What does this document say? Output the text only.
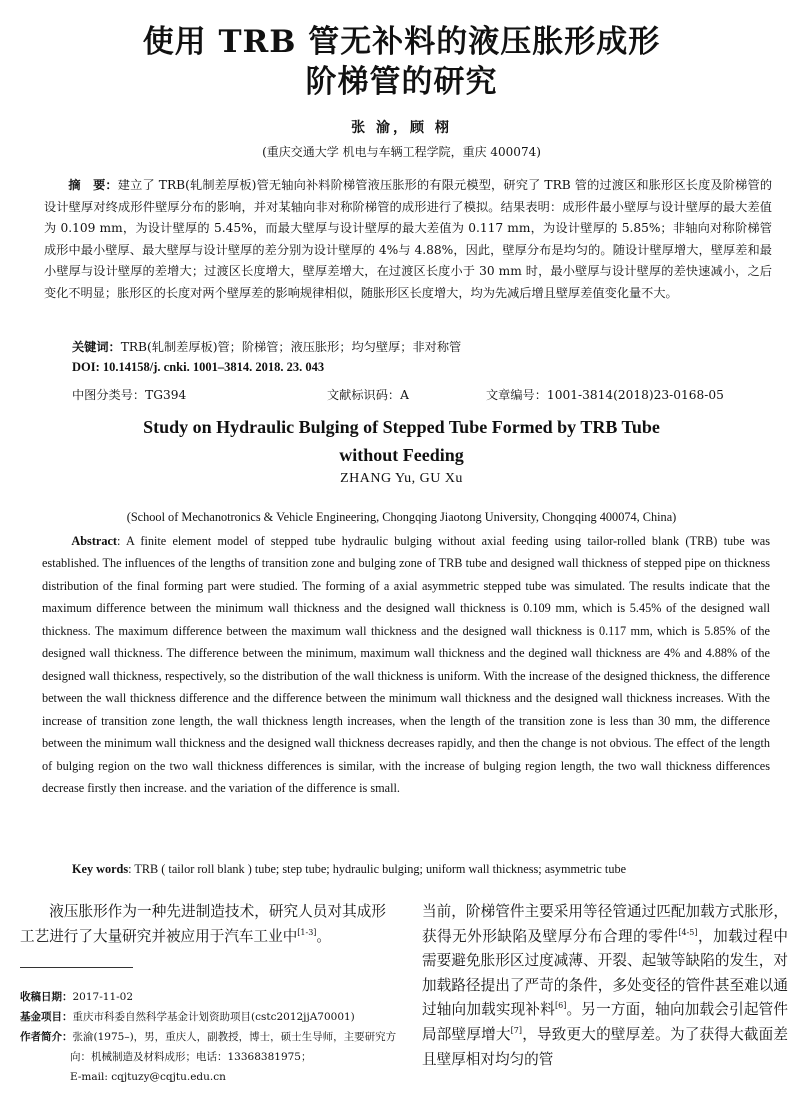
使用 TRB 管无补料的液压胀形成形
阶梯管的研究
张 渝，顾 栩
(重庆交通大学 机电与车辆工程学院，重庆 400074)
摘　要：建立了 TRB(轧制差厚板)管无轴向补料阶梯管液压胀形的有限元模型，研究了 TRB 管的过渡区和胀形区长度及阶梯管的设计壁厚对终成形件壁厚分布的影响，并对某轴向非对称阶梯管的成形进行了模拟。结果表明：成形件最小壁厚与设计壁厚的最大差值为 0.109 mm，为设计壁厚的 5.45%，而最大壁厚与设计壁厚的最大差值为 0.117 mm，为设计壁厚的 5.85%；非轴向对称阶梯管成形中最小壁厚、最大壁厚与设计壁厚的差分别为设计壁厚的 4%与 4.88%，因此，壁厚分布是均匀的。随设计壁厚增大，壁厚差和最小壁厚与设计壁厚的差增大；过渡区长度增大，壁厚差增大，在过渡区长度小于 30 mm 时，最小壁厚与设计壁厚的差快速减小，之后变化不明显；胀形区的长度对两个壁厚差的影响规律相似，随胀形区长度增大，均为先减后增且壁厚差值变化量不大。
关键词：TRB(轧制差厚板)管；阶梯管；液压胀形；均匀壁厚；非对称管
DOI: 10.14158/j. cnki. 1001–3814. 2018. 23. 043
中图分类号：TG394	文献标识码：A	文章编号：1001-3814(2018)23-0168-05
Study on Hydraulic Bulging of Stepped Tube Formed by TRB Tube
without Feeding
ZHANG Yu, GU Xu
(School of Mechanotronics & Vehicle Engineering, Chongqing Jiaotong University, Chongqing 400074, China)
Abstract: A finite element model of stepped tube hydraulic bulging without axial feeding using tailor-rolled blank (TRB) tube was established. The influences of the lengths of transition zone and bulging zone of TRB tube and designed wall thickness of stepped pipe on thickness distribution of the final forming part were studied. The forming of a axial asymmetric stepped tube was simulated. The results indicate that the maximum difference between the minimum wall thickness and the designed wall thickness is 0.109 mm, which is 5.45% of the designed wall thickness. The maximum difference between the maximum wall thickness and the designed wall thickness is 0.117 mm, which is 5.85% of the designed wall thickness. The difference between the minimum, maximum wall thickness and the degined wall thickness are 4% and 4.88% of the designed wall thickness, respectively, so the distribution of the wall thickness is uniform. With the increase of the designed thickness, the difference between the wall thickness difference and the difference between the minimum wall thickness and the designed wall thickness increases. With the increase of transition zone length, the wall thickness length increases, when the length of the transition zone is less than 30 mm, the difference between the minimum wall thickness and the designed wall thickness decreases rapidly, and then the change is not obvious. The effect of the length of bulging region on the two wall thickness differences is similar, with the increase of bulging region length, the two wall thickness differences decrease firstly then increase. and the variation of the difference is small.
Key words: TRB ( tailor roll blank ) tube; step tube; hydraulic bulging; uniform wall thickness; asymmetric tube
液压胀形作为一种先进制造技术，研究人员对其成形工艺进行了大量研究并被应用于汽车工业中[1-3]。
收稿日期：2017-11-02
基金项目：重庆市科委自然科学基金计划资助项目(cstc2012jjA70001)
作者简介：张渝(1975–)，男，重庆人，副教授，博士，硕士生导师，主要研究方
向：机械制造及材料成形；电话：13368381975；
E-mail: cqjtuzy@cqjtu.edu.cn
当前，阶梯管件主要采用等径管通过匹配加载方式胀形，获得无外形缺陷及壁厚分布合理的零件[4-5]，加载过程中需要避免胀形区过度减薄、开裂、起皱等缺陷的发生，对加载路径提出了严苛的条件，多处变径的管件甚至难以通过轴向加载实现补料[6]。另一方面，轴向加载会引起管件局部壁厚增大[7]，导致更大的壁厚差。为了获得大截面差且壁厚相对均匀的管
